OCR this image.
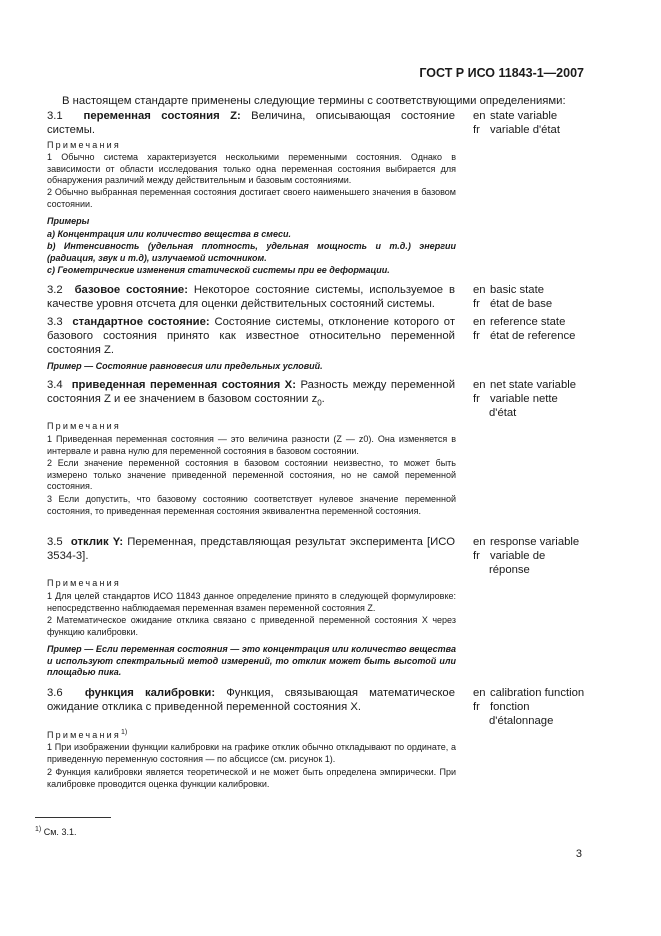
ГОСТ Р ИСО 11843-1—2007
В настоящем стандарте применены следующие термины с соответствующими определениями:
3.1 переменная состояния Z: Величина, описывающая состояние системы.
en state variable
fr variable d'état
Примечания
1 Обычно система характеризуется несколькими переменными состояния. Однако в зависимости от области исследования только одна переменная состояния выбирается для обнаружения различий между действительным и базовым состояниями.
2 Обычно выбранная переменная состояния достигает своего наименьшего значения в базовом состоянии.
Примеры
a) Концентрация или количество вещества в смеси.
b) Интенсивность (удельная плотность, удельная мощность и т.д.) энергии (радиация, звук и т.д), излучаемой источником.
c) Геометрические изменения статической системы при ее деформации.
3.2 базовое состояние: Некоторое состояние системы, используемое в качестве уровня отсчета для оценки действительных состояний системы.
en basic state
fr état de base
3.3 стандартное состояние: Состояние системы, отклонение которого от базового состояния принято как известное относительно переменной состояния Z.
en reference state
fr état de reference
Пример — Состояние равновесия или предельных условий.
3.4 приведенная переменная состояния X: Разность между переменной состояния Z и ее значением в базовом состоянии $z_0$.
en net state variable
fr variable nette
d'état
Примечания
1 Приведенная переменная состояния — это величина разности (Z — z0). Она изменяется в интервале и равна нулю для переменной состояния в базовом состоянии.
2 Если значение переменной состояния в базовом состоянии неизвестно, то может быть измерено только значение приведенной переменной состояния, но не самой переменной состояния.
3 Если допустить, что базовому состоянию соответствует нулевое значение переменной состояния, то приведенная переменная состояния эквивалентна переменной состояния.
3.5 отклик Y: Переменная, представляющая результат эксперимента [ИСО 3534-3].
en response variable
fr variable de
réponse
Примечания
1 Для целей стандартов ИСО 11843 данное определение принято в следующей формулировке: непосредственно наблюдаемая переменная взамен переменной состояния Z.
2 Математическое ожидание отклика связано с приведенной переменной состояния X через функцию калибровки.
Пример — Если переменная состояния — это концентрация или количество вещества и используют спектральный метод измерений, то отклик может быть высотой или площадью пика.
3.6 функция калибровки: Функция, связывающая математическое ожидание отклика с приведенной переменной состояния X.
en calibration function
fr fonction
d'étalonnage
Примечания$^{1)}$
1 При изображении функции калибровки на графике отклик обычно откладывают по ординате, а приведенную переменную состояния — по абсциссе (см. рисунок 1).
2 Функция калибровки является теоретической и не может быть определена эмпирически. При калибровке проводится оценка функции калибровки.
$^{1)}$ См. 3.1.
3
